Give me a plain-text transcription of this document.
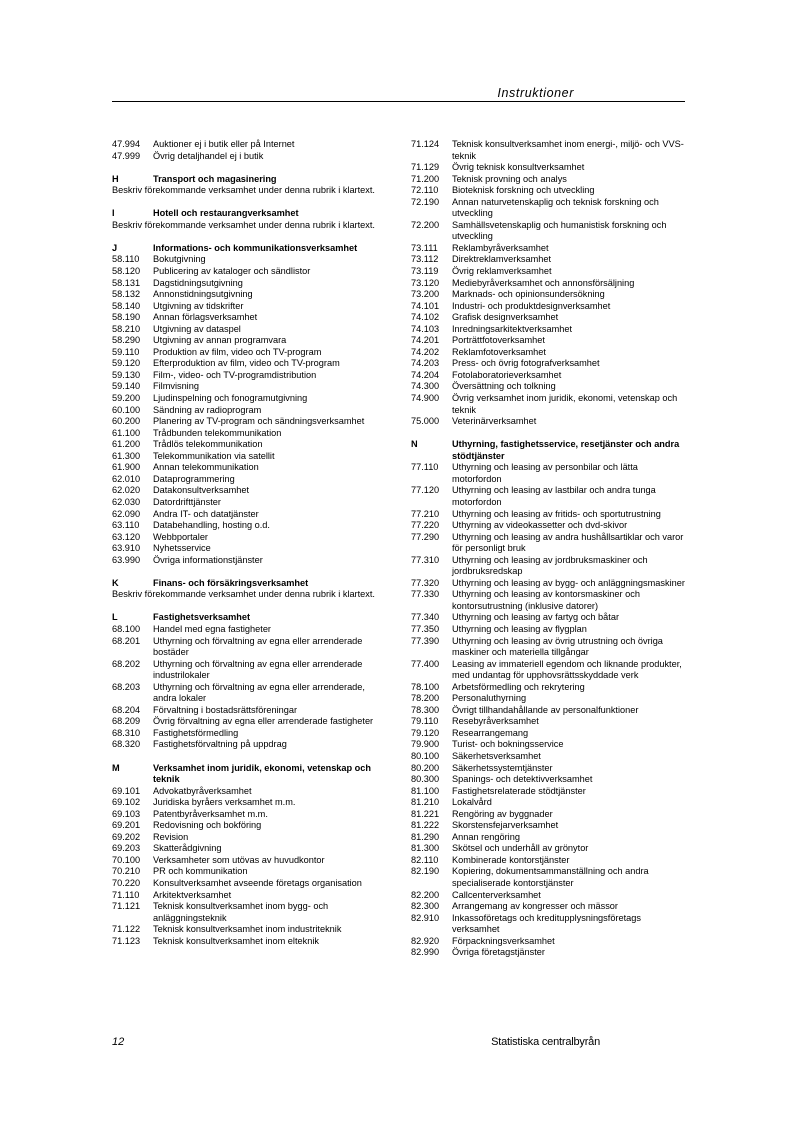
Instruktioner
47.994	Auktioner ej i butik eller på Internet
47.999	Övrig detaljhandel ej i butik
H	Transport och magasinering
Beskriv förekommande verksamhet under denna rubrik i klartext.
I	Hotell och restaurangverksamhet
Beskriv förekommande verksamhet under denna rubrik i klartext.
J	Informations- och kommunikationsverksamhet
58.110	Bokutgivning
58.120	Publicering av kataloger och sändlistor
58.131	Dagstidningsutgivning
58.132	Annonstidningsutgivning
58.140	Utgivning av tidskrifter
58.190	Annan förlagsverksamhet
58.210	Utgivning av dataspel
58.290	Utgivning av annan programvara
59.110	Produktion av film, video och TV-program
59.120	Efterproduktion av film, video och TV-program
59.130	Film-, video- och TV-programdistribution
59.140	Filmvisning
59.200	Ljudinspelning och fonogramutgivning
60.100	Sändning av radioprogram
60.200	Planering av TV-program och sändningsverksamhet
61.100	Trådbunden telekommunikation
61.200	Trådlös telekommunikation
61.300	Telekommunikation via satellit
61.900	Annan telekommunikation
62.010	Dataprogrammering
62.020	Datakonsultverksamhet
62.030	Datordrifttjänster
62.090	Andra IT- och datatjänster
63.110	Databehandling, hosting o.d.
63.120	Webbportaler
63.910	Nyhetsservice
63.990	Övriga informationstjänster
K	Finans- och försäkringsverksamhet
Beskriv förekommande verksamhet under denna rubrik i klartext.
L	Fastighetsverksamhet
68.100	Handel med egna fastigheter
68.201	Uthyrning och förvaltning av egna eller arrenderade bostäder
68.202	Uthyrning och förvaltning av egna eller arrenderade industrilokaler
68.203	Uthyrning och förvaltning av egna eller arrenderade, andra lokaler
68.204	Förvaltning i bostadsrättsföreningar
68.209	Övrig förvaltning av egna eller arrenderade fastigheter
68.310	Fastighetsförmedling
68.320	Fastighetsförvaltning på uppdrag
M	Verksamhet inom juridik, ekonomi, vetenskap och teknik
69.101	Advokatbyråverksamhet
69.102	Juridiska byråers verksamhet m.m.
69.103	Patentbyråverksamhet m.m.
69.201	Redovisning och bokföring
69.202	Revision
69.203	Skatterådgivning
70.100	Verksamheter som utövas av huvudkontor
70.210	PR och kommunikation
70.220	Konsultverksamhet avseende företags organisation
71.110	Arkitektverksamhet
71.121	Teknisk konsultverksamhet inom bygg- och anläggningsteknik
71.122	Teknisk konsultverksamhet inom industriteknik
71.123	Teknisk konsultverksamhet inom elteknik
71.124	Teknisk konsultverksamhet inom energi-, miljö- och VVS-teknik
71.129	Övrig teknisk konsultverksamhet
71.200	Teknisk provning och analys
72.110	Bioteknisk forskning och utveckling
72.190	Annan naturvetenskaplig och teknisk forskning och utveckling
72.200	Samhällsvetenskaplig och humanistisk forskning och utveckling
73.111	Reklambyråverksamhet
73.112	Direktreklamverksamhet
73.119	Övrig reklamverksamhet
73.120	Mediebyråverksamhet och annonsförsäljning
73.200	Marknads- och opinionsundersökning
74.101	Industri- och produktdesignverksamhet
74.102	Grafisk designverksamhet
74.103	Inredningsarkitektverksamhet
74.201	Porträttfotoverksamhet
74.202	Reklamfotoverksamhet
74.203	Press- och övrig fotografverksamhet
74.204	Fotolaboratorieverksamhet
74.300	Översättning och tolkning
74.900	Övrig verksamhet inom juridik, ekonomi, vetenskap och teknik
75.000	Veterinärverksamhet
N	Uthyrning, fastighetsservice, resetjänster och andra stödtjänster
77.110	Uthyrning och leasing av personbilar och lätta motorfordon
77.120	Uthyrning och leasing av lastbilar och andra tunga motorfordon
77.210	Uthyrning och leasing av fritids- och sportutrustning
77.220	Uthyrning av videokassetter och dvd-skivor
77.290	Uthyrning och leasing av andra hushållsartiklar och varor för personligt bruk
77.310	Uthyrning och leasing av jordbruksmaskiner och jordbruksredskap
77.320	Uthyrning och leasing av bygg- och anläggningsmaskiner
77.330	Uthyrning och leasing av kontorsmaskiner och kontorsutrustning (inklusive datorer)
77.340	Uthyrning och leasing av fartyg och båtar
77.350	Uthyrning och leasing av flygplan
77.390	Uthyrning och leasing av övrig utrustning och övriga maskiner och materiella tillgångar
77.400	Leasing av immateriell egendom och liknande produkter, med undantag för upphovsrättsskyddade verk
78.100	Arbetsförmedling och rekrytering
78.200	Personaluthyrning
78.300	Övrigt tillhandahållande av personalfunktioner
79.110	Resebyråverksamhet
79.120	Researrangemang
79.900	Turist- och bokningsservice
80.100	Säkerhetsverksamhet
80.200	Säkerhetssystemtjänster
80.300	Spanings- och detektivverksamhet
81.100	Fastighetsrelaterade stödtjänster
81.210	Lokalvård
81.221	Rengöring av byggnader
81.222	Skorstensfejarverksamhet
81.290	Annan rengöring
81.300	Skötsel och underhåll av grönytor
82.110	Kombinerade kontorstjänster
82.190	Kopiering, dokumentsammanställning och andra specialiserade kontorstjänster
82.200	Callcenterverksamhet
82.300	Arrangemang av kongresser och mässor
82.910	Inkassoföretags och kreditupplysningsföretags verksamhet
82.920	Förpackningsverksamhet
82.990	Övriga företagstjänster
12	Statistiska centralbyrån
